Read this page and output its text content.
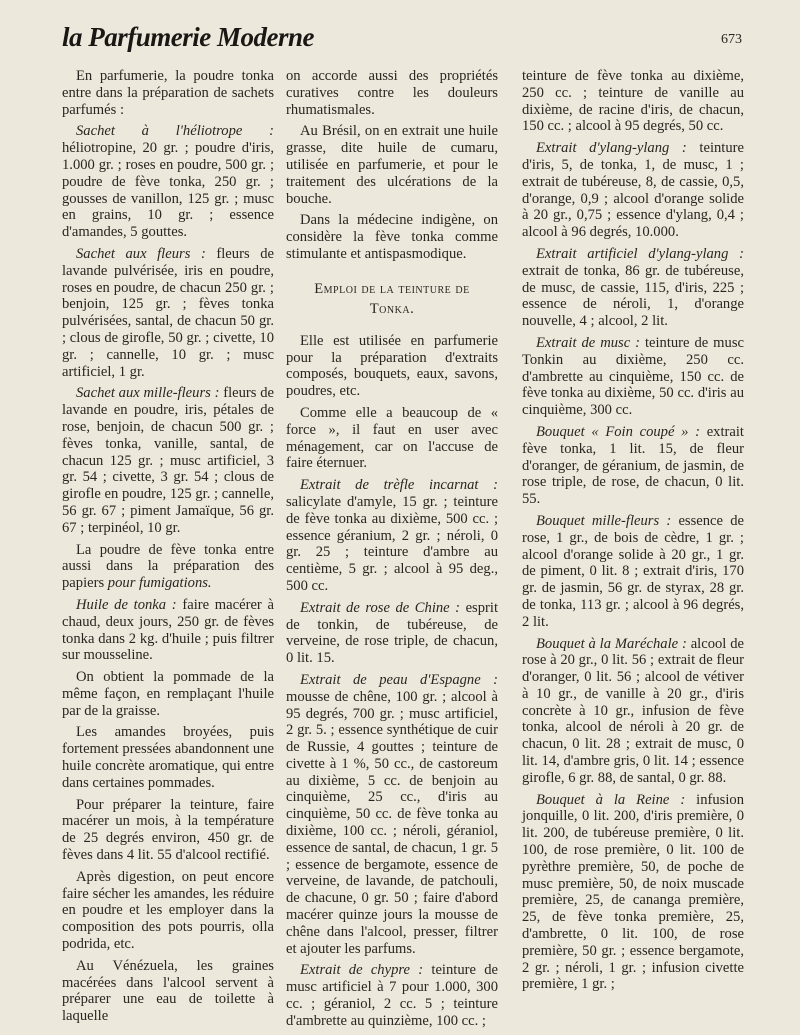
la Parfumerie Moderne	673

En parfumerie, la poudre tonka entre dans la préparation de sachets parfumés :

Sachet à l'héliotrope : héliotropine, 20 gr. ; poudre d'iris, 1.000 gr. ; roses en poudre, 500 gr. ; poudre de fève tonka, 250 gr. ; gousses de vanillon, 125 gr. ; musc en grains, 10 gr. ; essence d'amandes, 5 gouttes.

Sachet aux fleurs : fleurs de lavande pulvérisée, iris en poudre, roses en poudre, de chacun 250 gr. ; benjoin, 125 gr. ; fèves tonka pulvérisées, santal, de chacun 50 gr. ; clous de girofle, 50 gr. ; civette, 10 gr. ; cannelle, 10 gr. ; musc artificiel, 1 gr.

Sachet aux mille-fleurs : fleurs de lavande en poudre, iris, pétales de rose, benjoin, de chacun 500 gr. ; fèves tonka, vanille, santal, de chacun 125 gr. ; musc artificiel, 3 gr. 54 ; civette, 3 gr. 54 ; clous de girofle en poudre, 125 gr. ; cannelle, 56 gr. 67 ; piment Jamaïque, 56 gr. 67 ; terpinéol, 10 gr.

La poudre de fève tonka entre aussi dans la préparation des papiers pour fumigations.

Huile de tonka : faire macérer à chaud, deux jours, 250 gr. de fèves tonka dans 2 kg. d'huile ; puis filtrer sur mousseline.

On obtient la pommade de la même façon, en remplaçant l'huile par de la graisse.

Les amandes broyées, puis fortement pressées abandonnent une huile concrète aromatique, qui entre dans certaines pommades.

Pour préparer la teinture, faire macérer un mois, à la température de 25 degrés environ, 450 gr. de fèves dans 4 lit. 55 d'alcool rectifié.

Après digestion, on peut encore faire sécher les amandes, les réduire en poudre et les employer dans la composition des pots pourris, olla podrida, etc.

Au Vénézuela, les graines macérées dans l'alcool servent à préparer une eau de toilette à laquelle

on accorde aussi des propriétés curatives contre les douleurs rhumatismales.

Au Brésil, on en extrait une huile grasse, dite huile de cumaru, utilisée en parfumerie, et pour le traitement des ulcérations de la bouche.

Dans la médecine indigène, on considère la fève tonka comme stimulante et antispasmodique.

Emploi de la teinture de
Tonka.

Elle est utilisée en parfumerie pour la préparation d'extraits composés, bouquets, eaux, savons, poudres, etc.

Comme elle a beaucoup de « force », il faut en user avec ménagement, car on l'accuse de faire éternuer.

Extrait de trèfle incarnat : salicylate d'amyle, 15 gr. ; teinture de fève tonka au dixième, 500 cc. ; essence géranium, 2 gr. ; néroli, 0 gr. 25 ; teinture d'ambre au centième, 5 gr. ; alcool à 95 deg., 500 cc.

Extrait de rose de Chine : esprit de tonkin, de tubéreuse, de verveine, de rose triple, de chacun, 0 lit. 15.

Extrait de peau d'Espagne : mousse de chêne, 100 gr. ; alcool à 95 degrés, 700 gr. ; musc artificiel, 2 gr. 5. ; essence synthétique de cuir de Russie, 4 gouttes ; teinture de civette à 1 %, 50 cc., de castoreum au dixième, 5 cc. de benjoin au cinquième, 25 cc., d'iris au cinquième, 50 cc. de fève tonka au dixième, 100 cc. ; néroli, géraniol, essence de santal, de chacun, 1 gr. 5 ; essence de bergamote, essence de verveine, de lavande, de patchouli, de chacune, 0 gr. 50 ; faire d'abord macérer quinze jours la mousse de chêne dans l'alcool, presser, filtrer et ajouter les parfums.

Extrait de chypre : teinture de musc artificiel à 7 pour 1.000, 300 cc. ; géraniol, 2 cc. 5 ; teinture d'ambrette au quinzième, 100 cc. ;

teinture de fève tonka au dixième, 250 cc. ; teinture de vanille au dixième, de racine d'iris, de chacun, 150 cc. ; alcool à 95 degrés, 50 cc.

Extrait d'ylang-ylang : teinture d'iris, 5, de tonka, 1, de musc, 1 ; extrait de tubéreuse, 8, de cassie, 0,5, d'orange, 0,9 ; alcool d'orange solide à 20 gr., 0,75 ; essence d'ylang, 0,4 ; alcool à 96 degrés, 10.000.

Extrait artificiel d'ylang-ylang : extrait de tonka, 86 gr. de tubéreuse, de musc, de cassie, 115, d'iris, 225 ; essence de néroli, 1, d'orange nouvelle, 4 ; alcool, 2 lit.

Extrait de musc : teinture de musc Tonkin au dixième, 250 cc. d'ambrette au cinquième, 150 cc. de fève tonka au dixième, 50 cc. d'iris au cinquième, 300 cc.

Bouquet « Foin coupé » : extrait fève tonka, 1 lit. 15, de fleur d'oranger, de géranium, de jasmin, de rose triple, de rose, de chacun, 0 lit. 55.

Bouquet mille-fleurs : essence de rose, 1 gr., de bois de cèdre, 1 gr. ; alcool d'orange solide à 20 gr., 1 gr. de piment, 0 lit. 8 ; extrait d'iris, 170 gr. de jasmin, 56 gr. de styrax, 28 gr. de tonka, 113 gr. ; alcool à 96 degrés, 2 lit.

Bouquet à la Maréchale : alcool de rose à 20 gr., 0 lit. 56 ; extrait de fleur d'oranger, 0 lit. 56 ; alcool de vétiver à 10 gr., de vanille à 20 gr., d'iris concrète à 10 gr., infusion de fève tonka, alcool de néroli à 20 gr. de chacun, 0 lit. 28 ; extrait de musc, 0 lit. 14, d'ambre gris, 0 lit. 14 ; essence girofle, 6 gr. 88, de santal, 0 gr. 88.

Bouquet à la Reine : infusion jonquille, 0 lit. 200, d'iris première, 0 lit. 200, de tubéreuse première, 0 lit. 100, de rose première, 0 lit. 100 de pyrèthre première, 50, de poche de musc première, 50, de noix muscade première, 25, de cananga première, 25, de fève tonka première, 25, d'ambrette, 0 lit. 100, de rose première, 50 gr. ; essence bergamote, 2 gr. ; néroli, 1 gr. ; infusion civette première, 1 gr. ;
